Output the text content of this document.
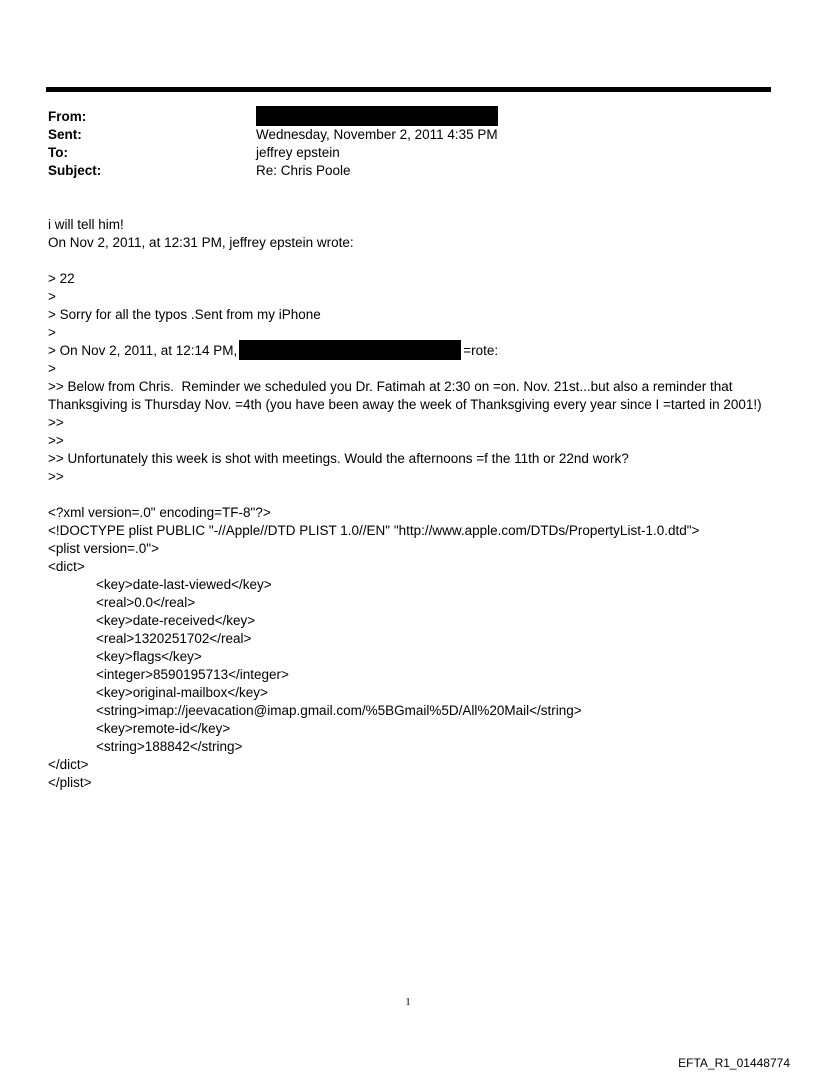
From:
Sent:	Wednesday, November 2, 2011 4:35 PM
To:	jeffrey epstein
Subject:	Re: Chris Poole
i will tell him!
On Nov 2, 2011, at 12:31 PM, jeffrey epstein wrote:
> 22
>
> Sorry for all the typos .Sent from my iPhone
>
> On Nov 2, 2011, at 12:14 PM,	=rote:
>
>> Below from Chris.  Reminder we scheduled you Dr. Fatimah at 2:30 on =on. Nov. 21st...but also a reminder that Thanksgiving is Thursday Nov. =4th (you have been away the week of Thanksgiving every year since I =tarted in 2001!)
>>
>>
>> Unfortunately this week is shot with meetings. Would the afternoons =f the 11th or 22nd work?
>>
<?xml version=.0" encoding=TF-8"?>
<!DOCTYPE plist PUBLIC "-//Apple//DTD PLIST 1.0//EN" "http://www.apple.com/DTDs/PropertyList-1.0.dtd">
<plist version=.0">
<dict>
<key>date-last-viewed</key>
<real>0.0</real>
<key>date-received</key>
<real>1320251702</real>
<key>flags</key>
<integer>8590195713</integer>
<key>original-mailbox</key>
<string>imap://jeevacation@imap.gmail.com/%5BGmail%5D/All%20Mail</string>
<key>remote-id</key>
<string>188842</string>
</dict>
</plist>
1
EFTA_R1_01448774
